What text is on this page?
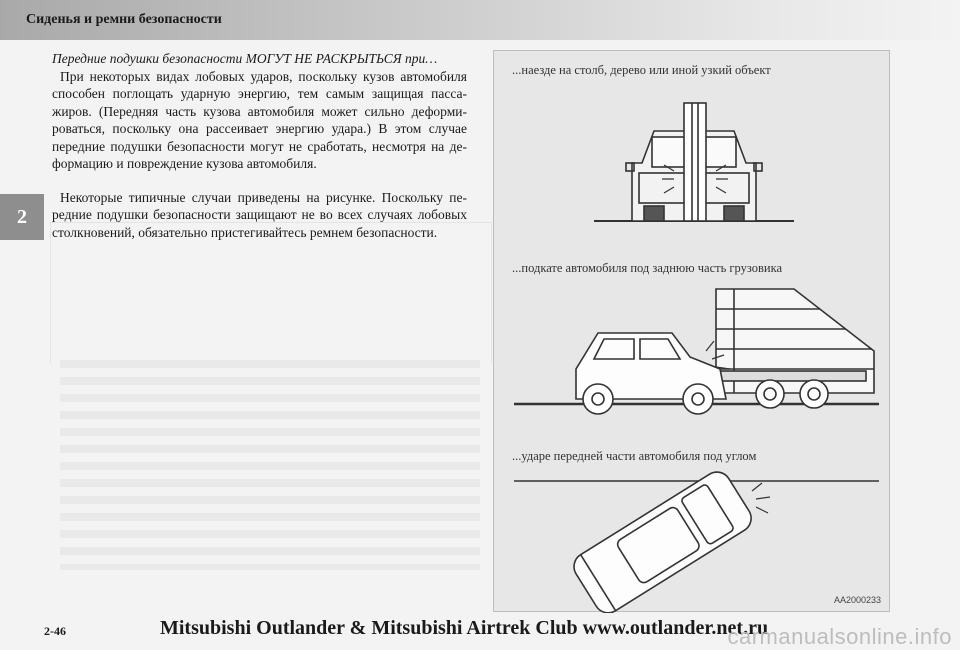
Сиденья и ремни безопасности
2

Передние подушки безопасности МОГУТ НЕ РАСКРЫТЬСЯ при…

При некоторых видах лобовых ударов, поскольку кузов автомобиля способен поглощать ударную энергию, тем самым защищая пассажиров. (Передняя часть кузова автомобиля может сильно деформироваться, поскольку она рассеивает энергию удара.) В этом случае передние подушки безопасности могут не сработать, несмотря на деформацию и повреждение кузова автомобиля.

Некоторые типичные случаи приведены на рисунке. Поскольку передние подушки безопасности защищают не во всех случаях лобовых столкновений, обязательно пристегивайтесь ремнем безопасности.

...наезде на столб, дерево или иной узкий объект
...подкате автомобиля под заднюю часть грузовика
...ударе передней части автомобиля под углом
AA2000233
2-46	Mitsubishi Outlander & Mitsubishi Airtrek Club www.outlander.net.ru
carmanualsonline.info
